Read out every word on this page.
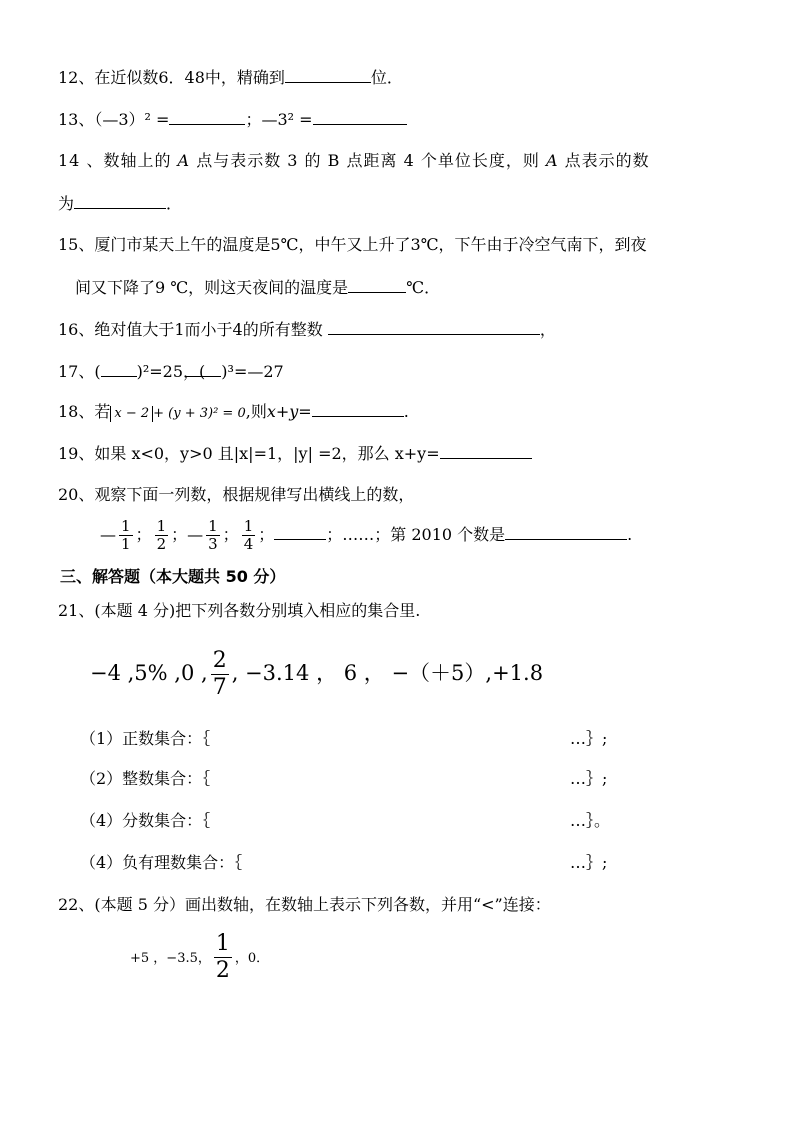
12、在近似数6．48中，精确到	位．
13、（—3）² =	；—3² =
14 、数轴上的 A 点与表示数 3 的 B 点距离 4 个单位长度，则 A 点表示的数
为	．
15、厦门市某天上午的温度是5℃，中午又上升了3℃，下午由于冷空气南下，到夜
间又下降了9 ℃，则这天夜间的温度是	℃．
16、绝对值大于1而小于4的所有整数	，
17、( )²=25，( )³=—27
18、若 x − 2 + (y + 3)² = 0,则x+y=	.
19、如果 x<0，y>0 且|x|=1，|y| =2，那么 x+y=
20、观察下面一列数，根据规律写出横线上的数，
— $\frac{1}{1}$ ； $\frac{1}{2}$ ；— $\frac{1}{3}$ ； $\frac{1}{4}$ ；	；……；第 2010 个数是	.
三、解答题（本大题共 50 分）
21、(本题 4 分)把下列各数分别填入相应的集合里.
−4 ,5% ,0 , $\frac{2}{7}$ , −3.14 ， 6 ， −（＋5）,+1.8
（1）正数集合：｛	…｝;
（2）整数集合：｛	…｝;
（4）分数集合：｛	…｝。
（4）负有理数集合：｛	…｝;
22、(本题 5 分）画出数轴，在数轴上表示下列各数，并用“<”连接：
+5 ，−3.5， $\frac{1}{2}$ ，0．
